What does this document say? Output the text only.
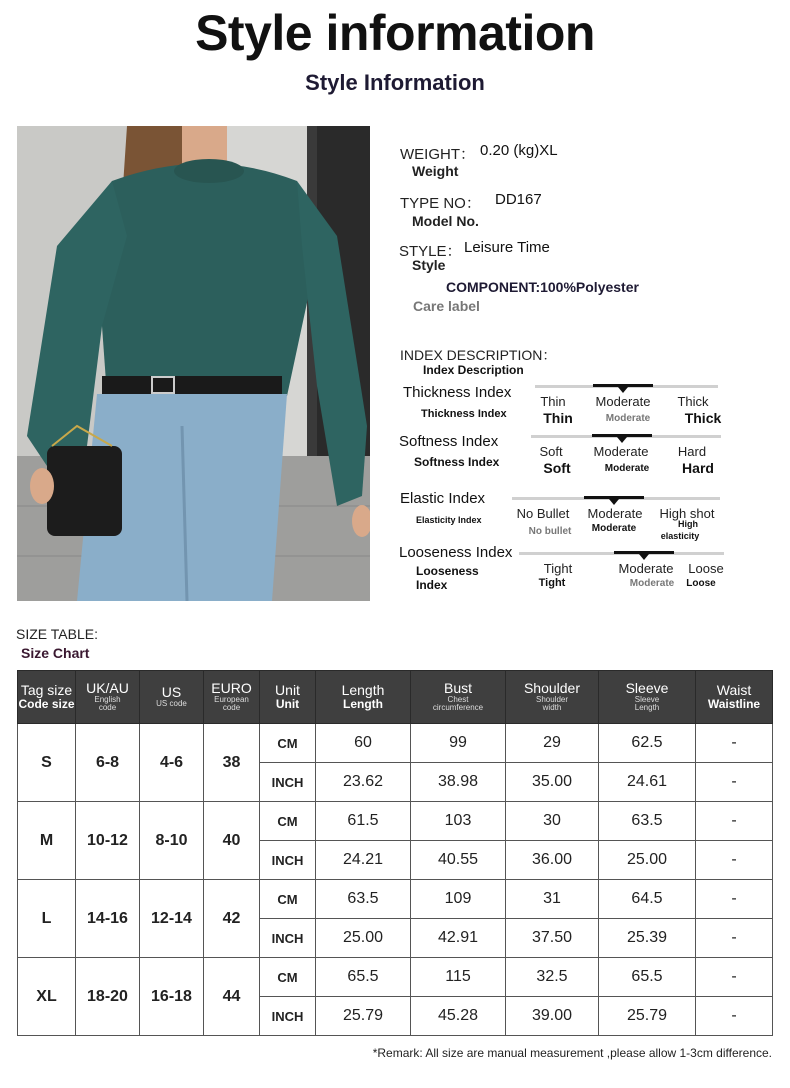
Style information
Style Information
WEIGHT： 0.20 (kg)XL
Weight
TYPE NO： DD167
Model No.
STYLE： Leisure Time
Style
COMPONENT:100%Polyester
Care label
INDEX DESCRIPTION：
Index Description
Thickness Index
Thickness Index
Thin	Moderate	Thick
Thin	Moderate	Thick
Softness Index
Softness Index
Soft	Moderate	Hard
Soft	Moderate	Hard
Elastic Index
Elasticity Index	No Bullet	Moderate	High shot
No bullet	Moderate	High
elasticity
Looseness Index
Looseness
Index
Tight	Moderate	Loose
Tight	Moderate	Loose
SIZE TABLE:
Size Chart
Tag size
Code size	UK/AU
English
code	US
US code	EURO
European
code	Unit
Unit	Length
Length	Bust
Chest
circumference	Shoulder
Shoulder
width	Sleeve
Sleeve
Length	Waist
Waistline

S	6-8	4-6	38	CM	60	99	29	62.5	-
				INCH	23.62	38.98	35.00	24.61	-
M	10-12	8-10	40	CM	61.5	103	30	63.5	-
				INCH	24.21	40.55	36.00	25.00	-
L	14-16	12-14	42	CM	63.5	109	31	64.5	-
				INCH	25.00	42.91	37.50	25.39	-
XL	18-20	16-18	44	CM	65.5	115	32.5	65.5	-
				INCH	25.79	45.28	39.00	25.79	-
*Remark: All size are manual measurement ,please allow 1-3cm difference.
